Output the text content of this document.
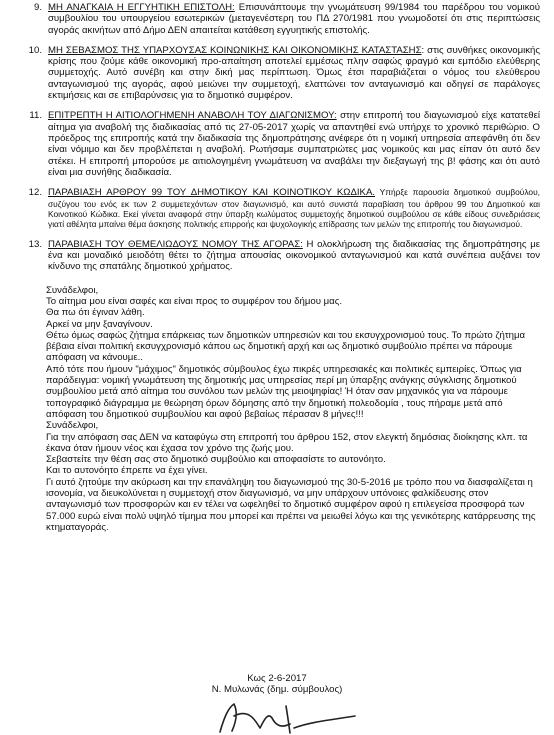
9. ΜΗ ΑΝΑΓΚΑΙΑ Η ΕΓΓΥΗΤΙΚΗ ΕΠΙΣΤΟΛΗ: Επισυνάπτουμε την γνωμάτευση 99/1984 του παρέδρου του νομικού συμβουλίου του υπουργείου εσωτερικών (μεταγενέστερη του ΠΔ 270/1981 που γνωμοδοτεί ότι στις περιπτώσεις αγοράς ακινήτων από Δήμο ΔΕΝ απαιτείται κατάθεση εγγυητικής επιστολής.
10. ΜΗ ΣΕΒΑΣΜΟΣ ΤΗΣ ΥΠΑΡΧΟΥΣΑΣ ΚΟΙΝΩΝΙΚΗΣ ΚΑΙ ΟΙΚΟΝΟΜΙΚΗΣ ΚΑΤΑΣΤΑΣΗΣ: στις συνθήκες οικονομικής κρίσης που ζούμε κάθε οικονομική προ-απαίτηση αποτελεί εμμέσως πλην σαφώς φραγμό και εμπόδιο ελεύθερης συμμετοχής. Αυτό συνέβη και στην δική μας περίπτωση. Όμως έτσι παραβιάζεται ο νόμος του ελεύθερου ανταγωνισμού της αγοράς, αφού μειώνει την συμμετοχή, ελαττώνει τον ανταγωνισμό και οδηγεί σε παράλογες εκτιμήσεις και σε επιβαρύνσεις για το δημοτικό συμφέρον.
11. ΕΠΙΤΡΕΠΤΗ Η ΑΙΤΙΟΛΟΓΗΜΕΝΗ ΑΝΑΒΟΛΗ ΤΟΥ ΔΙΑΓΩΝΙΣΜΟΥ: στην επιτροπή του διαγωνισμού είχε κατατεθεί αίτημα για αναβολή της διαδικασίας από τις 27-05-2017 χωρίς να απαντηθεί ενώ υπήρχε το χρονικό περιθώριο. Ο πρόεδρος της επιτροπής κατά την διαδικασία της δημοπράτησης ανέφερε ότι η νομική υπηρεσία απεφάνθη ότι δεν είναι νόμιμο και δεν προβλέπεται η αναβολή. Ρωτήσαμε συμπατριώτες μας νομικούς και μας είπαν ότι αυτό δεν στέκει. Η επιτροπή μπορούσε με αιτιολογημένη γνωμάτευση να αναβάλει την διεξαγωγή της β! φάσης και ότι αυτό είναι μια συνήθης διαδικασία.
12. ΠΑΡΑΒΙΑΣΗ ΑΡΘΡΟΥ 99 ΤΟΥ ΔΗΜΟΤΙΚΟΥ ΚΑΙ ΚΟΙΝΟΤΙΚΟΥ ΚΩΔΙΚΑ. Υπήρξε παρουσία δημοτικού συμβούλου, συζύγου του ενός εκ των 2 συμμετεχόντων στον διαγωνισμό, και αυτό συνιστά παραβίαση του άρθρου 99 του Δημοτικού και Κοινοτικού Κώδικα. Εκεί γίνεται αναφορά στην ύπαρξη κωλύματος συμμετοχής δημοτικού συμβούλου σε κάθε είδους συνεδριάσεις γιατί αθέλητα μπαίνει θέμα άσκησης πολιτικής επιρροής και ψυχολογικής επίδρασης των μελών της επιτροπής του διαγωνισμού.
13. ΠΑΡΑΒΙΑΣΗ ΤΟΥ ΘΕΜΕΛΙΩΔΟΥΣ ΝΟΜΟΥ ΤΗΣ ΑΓΟΡΑΣ: Η ολοκλήρωση της διαδικασίας της δημοπράτησης με ένα και μοναδικό μειοδότη θέτει το ζήτημα απουσίας οικονομικού ανταγωνισμού και κατά συνέπεια αυξάνει τον κίνδυνο της σπατάλης δημοτικού χρήματος.

Συνάδελφοι,

Το αίτημα μου είναι σαφές και είναι προς το συμφέρον του δήμου μας.

Θα πω ότι έγιναν λάθη.

Αρκεί να μην ξαναγίνουν.

Θέτω όμως σαφώς ζήτημα επάρκειας των δημοτικών υπηρεσιών και του εκσυγχρονισμού τους. Το πρώτο ζήτημα βέβαια είναι πολιτική εκσυγχρονισμό κάπου ως δημοτική αρχή και ως δημοτικό συμβούλιο πρέπει να πάρουμε απόφαση να κάνουμε..

Από τότε που ήμουν "μάχιμος" δημοτικός σύμβουλος έχω πικρές υπηρεσιακές και πολιτικές εμπειρίες. Όπως για παράδειγμα: νομική γνωμάτευση της δημοτικής μας υπηρεσίας περί μη ύπαρξης ανάγκης σύγκλισης δημοτικού συμβουλίου μετά από αίτημα του συνόλου των μελών της μειοψηφίας! Ή όταν σαν μηχανικός για να πάρουμε τοπογραφικό διάγραμμα με θεώρηση όρων δόμησης από την δημοτική πολεοδομία , τους πήραμε μετά από απόφαση του δημοτικού συμβουλίου και αφού βεβαίως πέρασαν 8 μήνες!!!

Συνάδελφοι,

Για την απόφαση σας ΔΕΝ να καταφύγω στη επιτροπή του άρθρου 152, στον ελεγκτή δημόσιας διοίκησης κλπ. τα έκανα όταν ήμουν νέος και έχασα τον χρόνο της ζωής μου.

Σεβαστείτε την θέση σας στο δημοτικό συμβούλιο και αποφασίστε το αυτονόητο.

Και το αυτονόητο έπρεπε να έχει γίνει.

Γι αυτό ζητούμε την ακύρωση και την επανάληψη του διαγωνισμού της 30-5-2016 με τρόπο που να διασφαλίζεται η ισονομία, να διευκολύνεται η συμμετοχή στον διαγωνισμό, να μην υπάρχουν υπόνοιες φαλκίδευσης στον ανταγωνισμό των προσφορών και εν τέλει να ωφεληθεί το δημοτικό συμφέρον αφού η επιλεγείσα προσφορά των 57.000 ευρώ είναι πολύ υψηλό τίμημα που μπορεί και πρέπει να μειωθεί λόγω και της γενικότερης κατάρρευσης της κτηματαγοράς.

Κως 2-6-2017

Ν. Μυλωνάς (δημ. σύμβουλος)
